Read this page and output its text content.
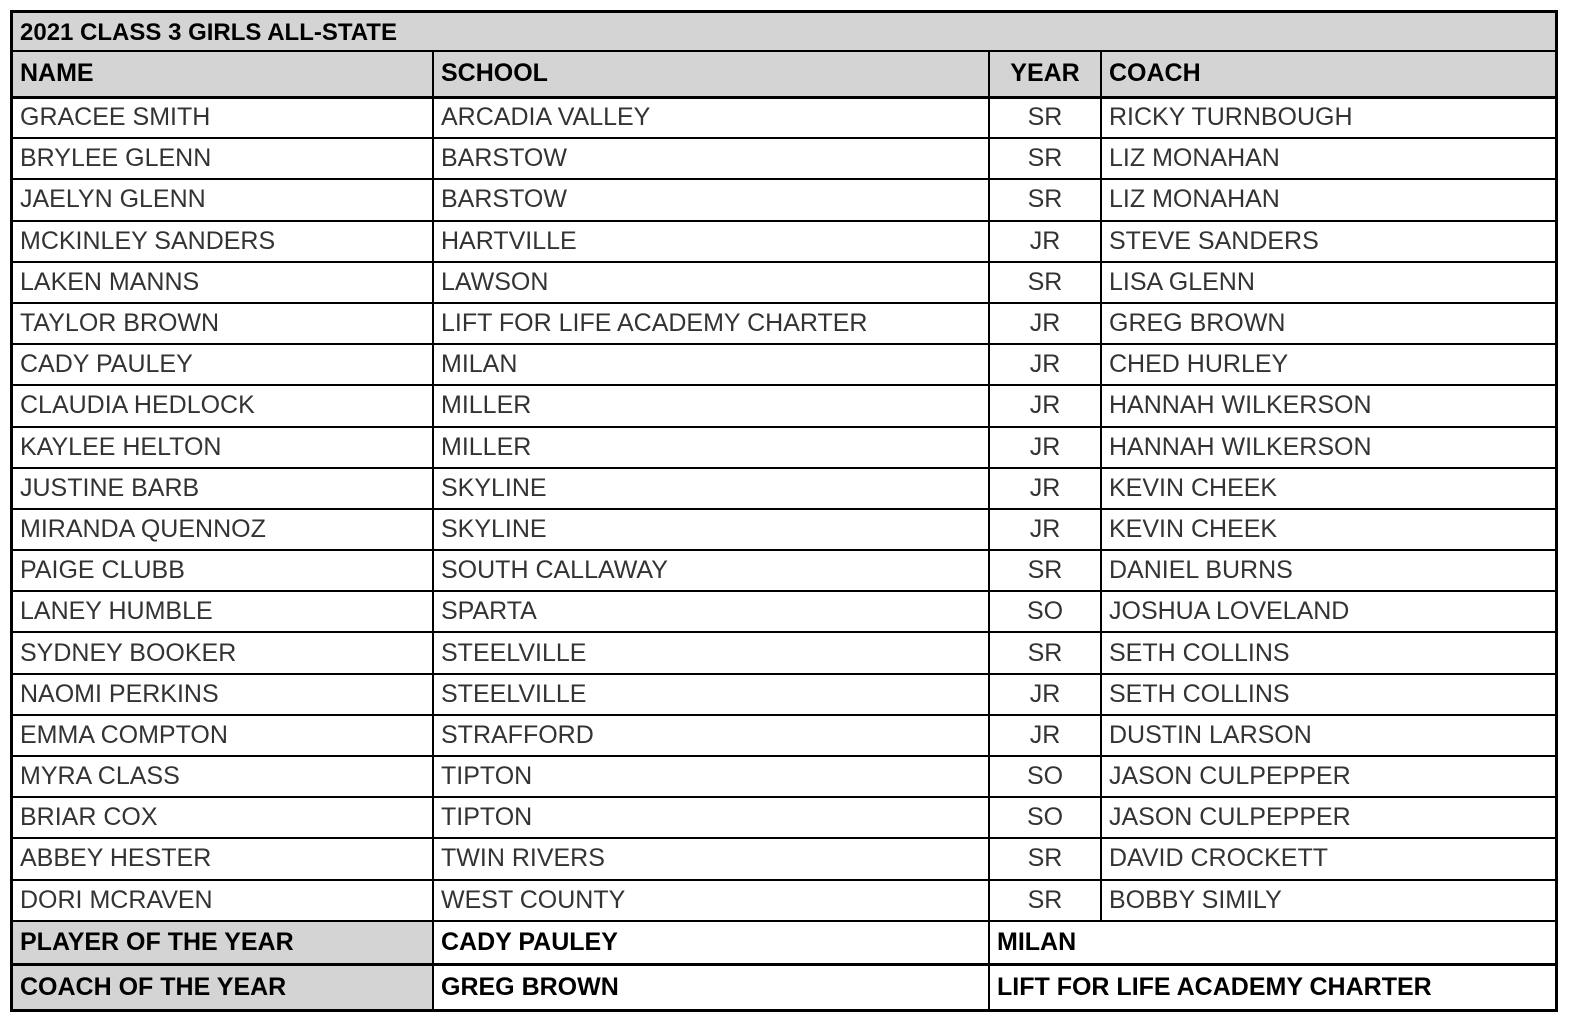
2021 CLASS 3 GIRLS ALL-STATE			
NAME	SCHOOL	YEAR	COACH
GRACEE SMITH	ARCADIA VALLEY	SR	RICKY TURNBOUGH
BRYLEE GLENN	BARSTOW	SR	LIZ MONAHAN
JAELYN GLENN	BARSTOW	SR	LIZ MONAHAN
MCKINLEY SANDERS	HARTVILLE	JR	STEVE SANDERS
LAKEN MANNS	LAWSON	SR	LISA GLENN
TAYLOR BROWN	LIFT FOR LIFE ACADEMY CHARTER	JR	GREG BROWN
CADY PAULEY	MILAN	JR	CHED HURLEY
CLAUDIA HEDLOCK	MILLER	JR	HANNAH WILKERSON
KAYLEE HELTON	MILLER	JR	HANNAH WILKERSON
JUSTINE BARB	SKYLINE	JR	KEVIN CHEEK
MIRANDA QUENNOZ	SKYLINE	JR	KEVIN CHEEK
PAIGE CLUBB	SOUTH CALLAWAY	SR	DANIEL BURNS
LANEY HUMBLE	SPARTA	SO	JOSHUA LOVELAND
SYDNEY BOOKER	STEELVILLE	SR	SETH COLLINS
NAOMI PERKINS	STEELVILLE	JR	SETH COLLINS
EMMA COMPTON	STRAFFORD	JR	DUSTIN LARSON
MYRA CLASS	TIPTON	SO	JASON CULPEPPER
BRIAR COX	TIPTON	SO	JASON CULPEPPER
ABBEY HESTER	TWIN RIVERS	SR	DAVID CROCKETT
DORI MCRAVEN	WEST COUNTY	SR	BOBBY SIMILY
PLAYER OF THE YEAR	CADY PAULEY	MILAN	
COACH OF THE YEAR	GREG BROWN	LIFT FOR LIFE ACADEMY CHARTER	
